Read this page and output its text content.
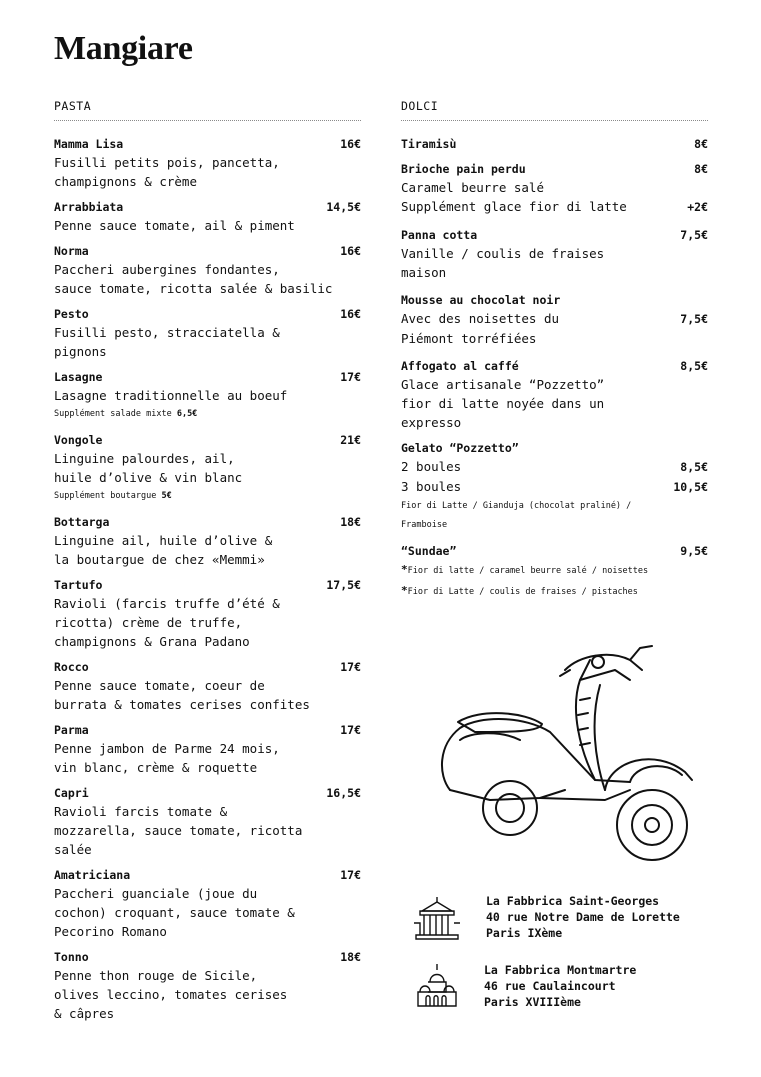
Mangiare
PASTA
Mamma Lisa	16€
Fusilli petits pois, pancetta,
champignons & crème
Arrabbiata	14,5€
Penne sauce tomate, ail & piment
Norma	16€
Paccheri aubergines fondantes,
sauce tomate, ricotta salée & basilic
Pesto	16€
Fusilli pesto, stracciatella &
pignons
Lasagne	17€
Lasagne traditionnelle au boeuf
Supplément salade mixte 6,5€
Vongole	21€
Linguine palourdes, ail,
huile d’olive & vin blanc
Supplément boutargue 5€
Bottarga	18€
Linguine ail, huile d’olive &
la boutargue de chez «Memmi»
Tartufo	17,5€
Ravioli (farcis truffe d’été &
ricotta) crème de truffe,
champignons & Grana Padano
Rocco	17€
Penne sauce tomate, coeur de
burrata & tomates cerises confites
Parma	17€
Penne jambon de Parme 24 mois,
vin blanc, crème & roquette
Capri	16,5€
Ravioli farcis tomate &
mozzarella, sauce tomate, ricotta
salée
Amatriciana	17€
Paccheri guanciale (joue du
cochon) croquant, sauce tomate &
Pecorino Romano
Tonno	18€
Penne thon rouge de Sicile,
olives leccino, tomates cerises
& câpres
DOLCI
Tiramisù	8€
Brioche pain perdu	8€
Caramel beurre salé
Supplément glace fior di latte	+2€
Panna cotta	7,5€
Vanille / coulis de fraises
maison
Mousse au chocolat noir
Avec des noisettes du	7,5€
Piémont torréfiées
Affogato al caffé	8,5€
Glace artisanale “Pozzetto”
fior di latte noyée dans un
expresso
Gelato “Pozzetto”
2 boules	8,5€
3 boules	10,5€
Fior di Latte / Gianduja (chocolat praliné) /
Framboise
“Sundae”	9,5€
*Fior di latte / caramel beurre salé / noisettes
*Fior di Latte / coulis de fraises / pistaches
La Fabbrica Saint-Georges
40 rue Notre Dame de Lorette
Paris IXème
La Fabbrica Montmartre
46 rue Caulaincourt
Paris XVIIIème
